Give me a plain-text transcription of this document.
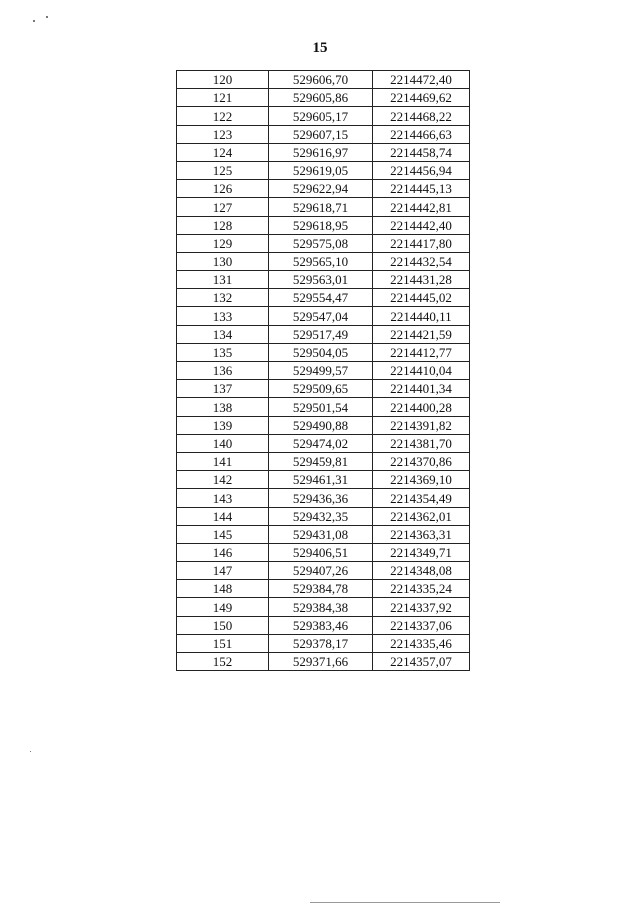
15
120	529606,70	2214472,40
121	529605,86	2214469,62
122	529605,17	2214468,22
123	529607,15	2214466,63
124	529616,97	2214458,74
125	529619,05	2214456,94
126	529622,94	2214445,13
127	529618,71	2214442,81
128	529618,95	2214442,40
129	529575,08	2214417,80
130	529565,10	2214432,54
131	529563,01	2214431,28
132	529554,47	2214445,02
133	529547,04	2214440,11
134	529517,49	2214421,59
135	529504,05	2214412,77
136	529499,57	2214410,04
137	529509,65	2214401,34
138	529501,54	2214400,28
139	529490,88	2214391,82
140	529474,02	2214381,70
141	529459,81	2214370,86
142	529461,31	2214369,10
143	529436,36	2214354,49
144	529432,35	2214362,01
145	529431,08	2214363,31
146	529406,51	2214349,71
147	529407,26	2214348,08
148	529384,78	2214335,24
149	529384,38	2214337,92
150	529383,46	2214337,06
151	529378,17	2214335,46
152	529371,66	2214357,07
